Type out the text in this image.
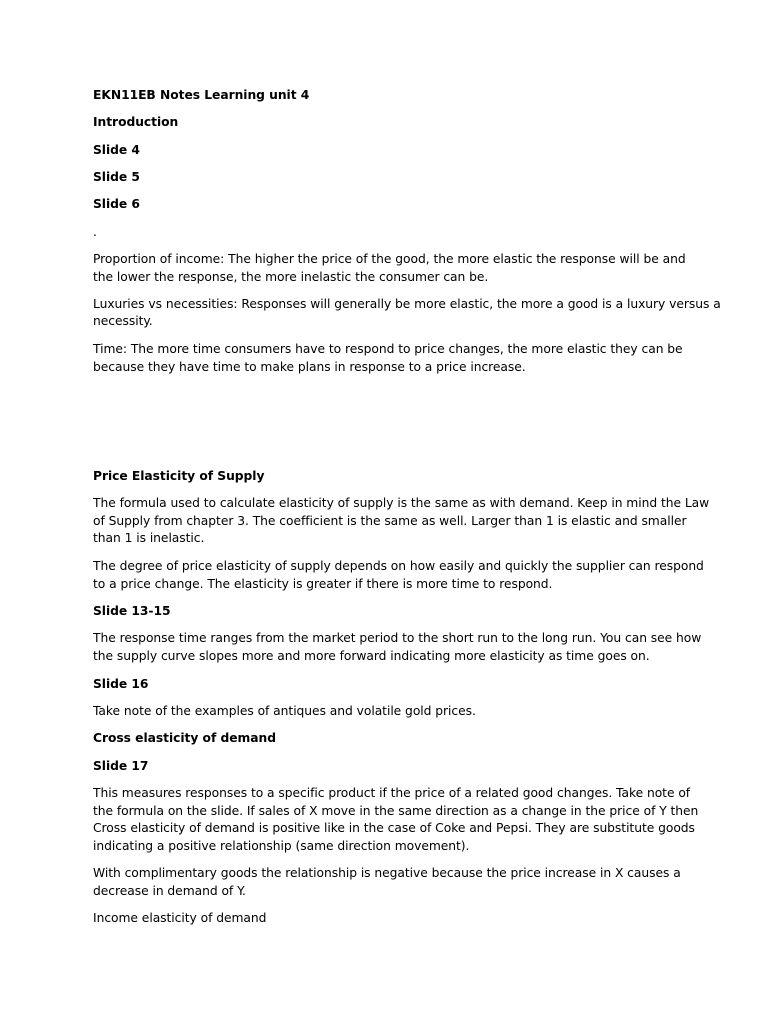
EKN11EB Notes Learning unit 4
Introduction
Slide 4
Slide 5
Slide 6
.
Proportion of income: The higher the price of the good, the more elastic the response will be and
the lower the response, the more inelastic the consumer can be.
Luxuries vs necessities: Responses will generally be more elastic, the more a good is a luxury versus a
necessity.
Time: The more time consumers have to respond to price changes, the more elastic they can be
because they have time to make plans in response to a price increase.
Price Elasticity of Supply
The formula used to calculate elasticity of supply is the same as with demand. Keep in mind the Law
of Supply from chapter 3. The coefficient is the same as well. Larger than 1 is elastic and smaller
than 1 is inelastic.
The degree of price elasticity of supply depends on how easily and quickly the supplier can respond
to a price change. The elasticity is greater if there is more time to respond.
Slide 13-15
The response time ranges from the market period to the short run to the long run. You can see how
the supply curve slopes more and more forward indicating more elasticity as time goes on.
Slide 16
Take note of the examples of antiques and volatile gold prices.
Cross elasticity of demand
Slide 17
This measures responses to a specific product if the price of a related good changes. Take note of
the formula on the slide. If sales of X move in the same direction as a change in the price of Y then
Cross elasticity of demand is positive like in the case of Coke and Pepsi. They are substitute goods
indicating a positive relationship (same direction movement).
With complimentary goods the relationship is negative because the price increase in X causes a
decrease in demand of Y.
Income elasticity of demand
